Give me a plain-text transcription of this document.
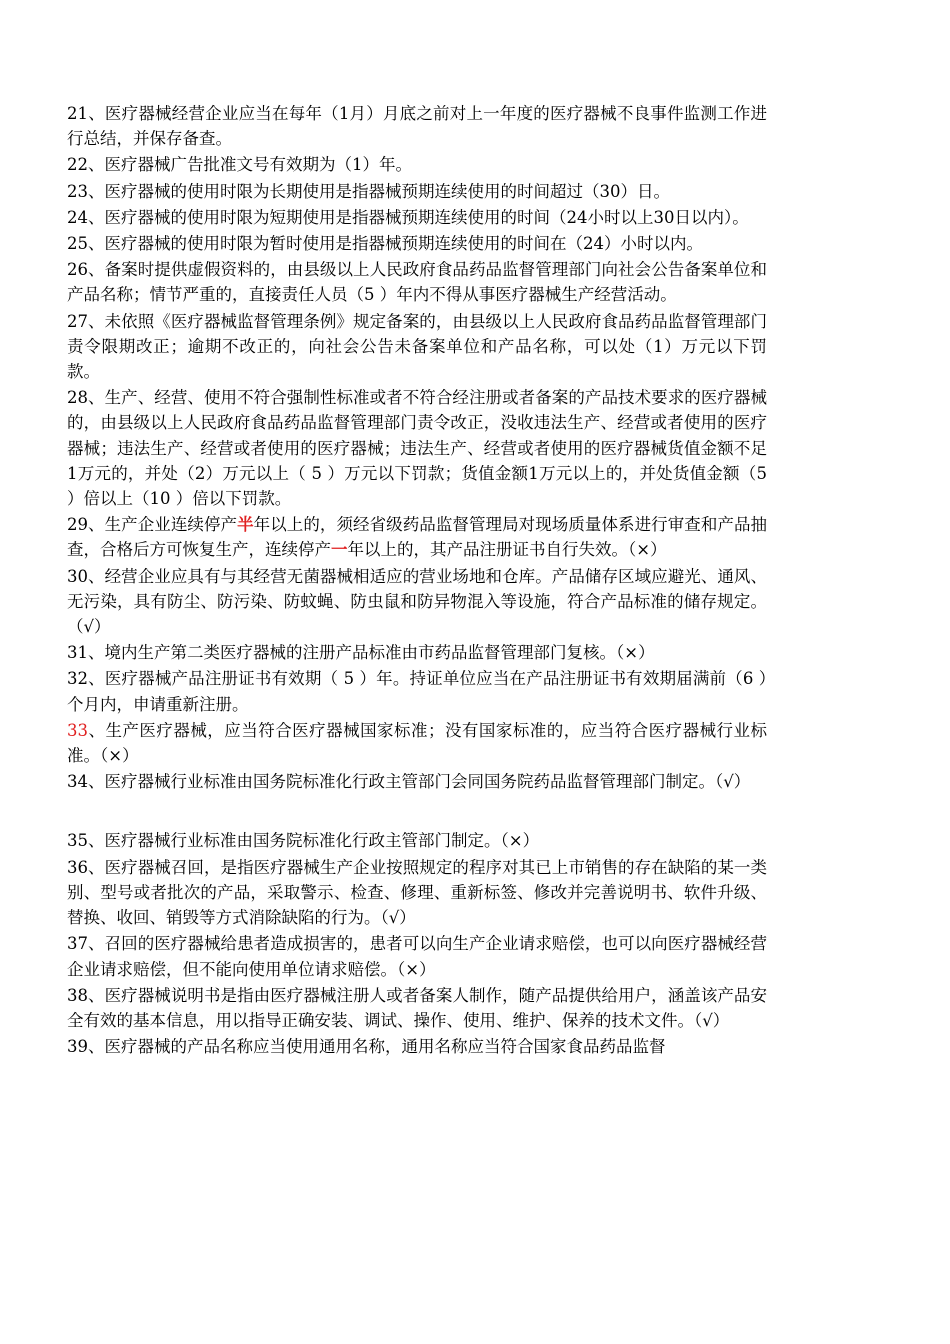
21、医疗器械经营企业应当在每年（1月）月底之前对上一年度的医疗器械不良事件监测工作进行总结，并保存备查。

22、医疗器械广告批准文号有效期为（1）年。

23、医疗器械的使用时限为长期使用是指器械预期连续使用的时间超过（30）日。

24、医疗器械的使用时限为短期使用是指器械预期连续使用的时间（24小时以上30日以内）。

25、医疗器械的使用时限为暂时使用是指器械预期连续使用的时间在（24）小时以内。

26、备案时提供虚假资料的，由县级以上人民政府食品药品监督管理部门向社会公告备案单位和产品名称；情节严重的，直接责任人员（5 ）年内不得从事医疗器械生产经营活动。

27、未依照《医疗器械监督管理条例》规定备案的，由县级以上人民政府食品药品监督管理部门责令限期改正；逾期不改正的，向社会公告未备案单位和产品名称，可以处（1）万元以下罚款。

28、生产、经营、使用不符合强制性标准或者不符合经注册或者备案的产品技术要求的医疗器械的，由县级以上人民政府食品药品监督管理部门责令改正，没收违法生产、经营或者使用的医疗器械；违法生产、经营或者使用的医疗器械；违法生产、经营或者使用的医疗器械货值金额不足1万元的，并处（2）万元以上（ 5 ）万元以下罚款；货值金额1万元以上的，并处货值金额（5 ）倍以上（10 ）倍以下罚款。

29、生产企业连续停产半年以上的，须经省级药品监督管理局对现场质量体系进行审查和产品抽查，合格后方可恢复生产，连续停产一年以上的，其产品注册证书自行失效。（×）

30、经营企业应具有与其经营无菌器械相适应的营业场地和仓库。产品储存区域应避光、通风、无污染，具有防尘、防污染、防蚊蝇、防虫鼠和防异物混入等设施，符合产品标准的储存规定。（√）

31、境内生产第二类医疗器械的注册产品标准由市药品监督管理部门复核。（×）

32、医疗器械产品注册证书有效期（ 5 ）年。持证单位应当在产品注册证书有效期届满前（6 ）个月内，申请重新注册。

33、生产医疗器械，应当符合医疗器械国家标准；没有国家标准的，应当符合医疗器械行业标准。（×）

34、医疗器械行业标准由国务院标准化行政主管部门会同国务院药品监督管理部门制定。（√）

35、医疗器械行业标准由国务院标准化行政主管部门制定。（×）

36、医疗器械召回，是指医疗器械生产企业按照规定的程序对其已上市销售的存在缺陷的某一类别、型号或者批次的产品，采取警示、检查、修理、重新标签、修改并完善说明书、软件升级、替换、收回、销毁等方式消除缺陷的行为。（√）

37、召回的医疗器械给患者造成损害的，患者可以向生产企业请求赔偿，也可以向医疗器械经营企业请求赔偿，但不能向使用单位请求赔偿。（×）

38、医疗器械说明书是指由医疗器械注册人或者备案人制作，随产品提供给用户，涵盖该产品安全有效的基本信息，用以指导正确安装、调试、操作、使用、维护、保养的技术文件。（√）

39、医疗器械的产品名称应当使用通用名称，通用名称应当符合国家食品药品监督
